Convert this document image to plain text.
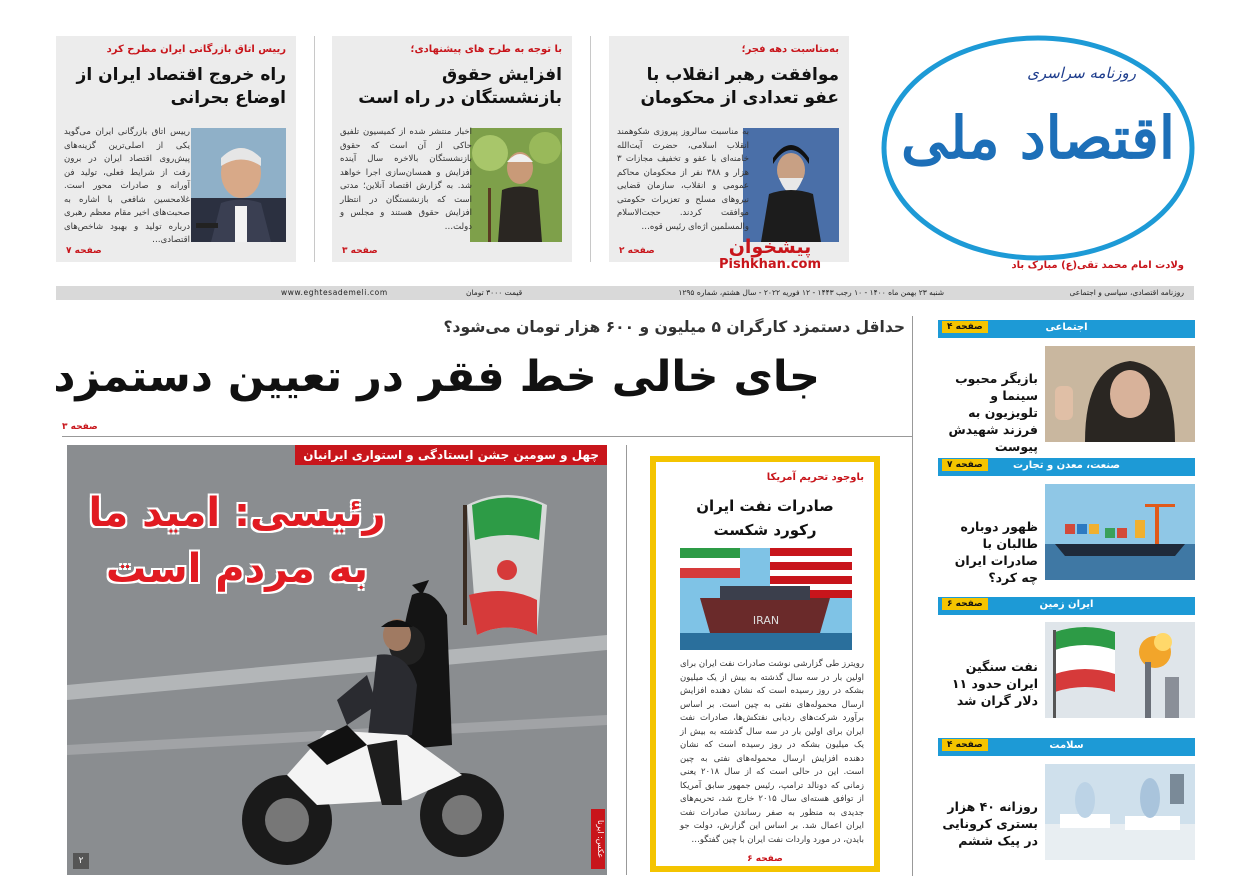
رییس اتاق بازرگانی ایران مطرح کرد
راه خروج اقتصاد ایران از اوضاع بحرانی
رییس اتاق بازرگانی ایران می‌گوید یکی از اصلی‌ترین گزینه‌های پیش‌روی اقتصاد ایران در برون رفت از شرایط فعلی، تولید فن آورانه و صادرات محور است. غلامحسین شافعی با اشاره به صحبت‌های اخیر مقام معظم رهبری درباره تولید و بهبود شاخص‌های اقتصادی…
صفحه ۷
با توجه به طرح های پیشنهادی؛
افزایش حقوق بازنشستگان در راه است
اخبار منتشر شده از کمیسیون تلفیق حاکی از آن است که حقوق بازنشستگان بالاخره سال آینده افزایش و همسان‌سازی اجرا خواهد شد. به گزارش اقتصاد آنلاین؛ مدتی است که بازنشستگان در انتظار افزایش حقوق هستند و مجلس و دولت…
صفحه ۳
به‌مناسبت دهه فجر؛
موافقت رهبر انقلاب با عفو تعدادی از محکومان
به مناسبت سالروز پیروزی شکوهمند انقلاب اسلامی، حضرت آیت‌الله خامنه‌ای با عفو و تخفیف مجازات ۳ هزار و ۳۸۸ نفر از محکومان محاکم عمومی و انقلاب، سازمان قضایی نیروهای مسلح و تعزیرات حکومتی موافقت کردند. حجت‌الاسلام والمسلمین اژه‌ای رئیس قوه…
صفحه ۲
روزنامه سراسری
اقتصاد ملی
ولادت امام محمد تقی(ع) مبارک باد
پیشخوان
Pishkhan.com
روزنامه اقتصادی، سیاسی و اجتماعی
شنبه ۲۳ بهمن ماه ۱۴۰۰ - ۱۰ رجب ۱۴۴۳ - ۱۲ فوریه ۲۰۲۲ - سال هشتم، شماره ۱۲۹۵
قیمت ۳۰۰۰ تومان
www.eghtesademeli.com
حداقل دستمزد کارگران ۵ میلیون و ۶۰۰ هزار تومان می‌شود؟
جای خالی خط فقر در تعیین دستمزد
صفحه ۳
چهل و سومین جشن ایستادگی و استواری ایرانیان
رئیسی: امید ما
به مردم است
عکس: ایرنا
۲
باوجود تحریم آمریکا
صادرات نفت ایران
رکورد شکست
IRAN
رویترز طی گزارشی نوشت صادرات نفت ایران برای اولین بار در سه سال گذشته به بیش از یک میلیون بشکه در روز رسیده است که نشان دهنده افزایش ارسال محموله‌های نفتی به چین است. بر اساس برآورد شرکت‌های ردیابی نفتکش‌ها، صادرات نفت ایران برای اولین بار در سه سال گذشته به بیش از یک میلیون بشکه در روز رسیده است که نشان دهنده افزایش ارسال محموله‌های نفتی به چین است. این در حالی است که از سال ۲۰۱۸ یعنی زمانی که دونالد ترامپ، رئیس جمهور سابق آمریکا از توافق هسته‌ای سال ۲۰۱۵ خارج شد، تحریم‌های جدیدی به منظور به صفر رساندن صادرات نفت ایران اعمال شد. بر اساس این گزارش، دولت جو بایدن، در مورد واردات نفت ایران با چین گفتگو…
صفحه ۶
اجتماعی
صفحه ۴
بازیگر محبوب سینما و تلویزیون به فرزند شهیدش پیوست
صنعت، معدن و تجارت
صفحه ۷
ظهور دوباره طالبان با صادرات ایران چه کرد؟
ایران زمین
صفحه ۶
نفت سنگین ایران حدود ۱۱ دلار گران شد
سلامت
صفحه ۴
روزانه ۴۰ هزار بستری کرونایی در پیک ششم
